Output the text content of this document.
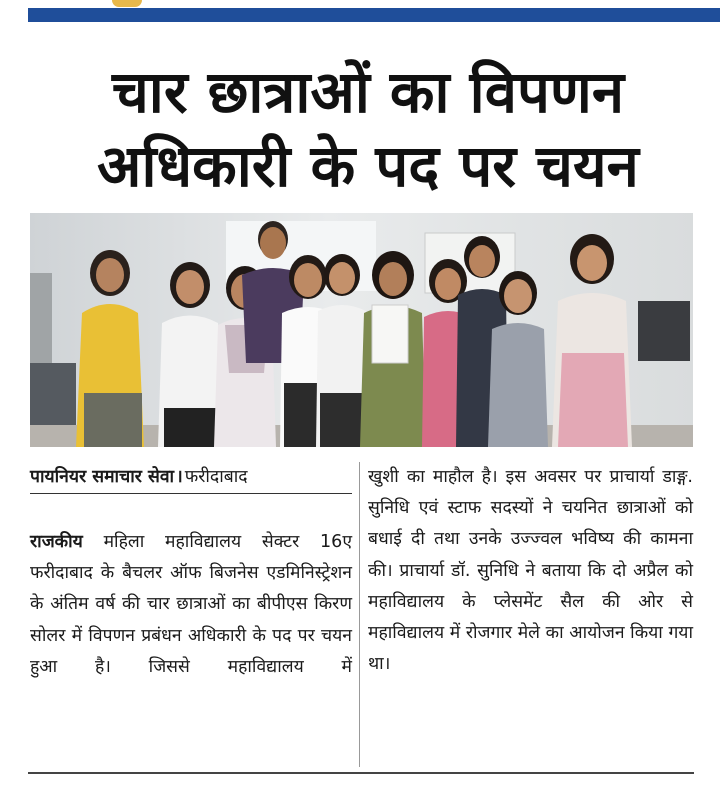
चार छात्राओं का विपणन
अधिकारी के पद पर चयन
पायनियर समाचार सेवा । फरीदाबाद

राजकीय महिला महाविद्यालय सेक्टर 16ए फरीदाबाद के बैचलर ऑफ बिजनेस एडमिनिस्ट्रेशन के अंतिम वर्ष की चार छात्राओं का बीपीएस किरण सोलर में विपणन प्रबंधन अधिकारी के पद पर चयन हुआ है। जिससे महाविद्यालय में

खुशी का माहौल है। इस अवसर पर प्राचार्या डाङ्ग. सुनिधि एवं स्टाफ सदस्यों ने चयनित छात्राओं को बधाई दी तथा उनके उज्ज्वल भविष्य की कामना की। प्राचार्या डॉ. सुनिधि ने बताया कि दो अप्रैल को महाविद्यालय के प्लेसमेंट सैल की ओर से महाविद्यालय में रोजगार मेले का आयोजन किया गया था।
